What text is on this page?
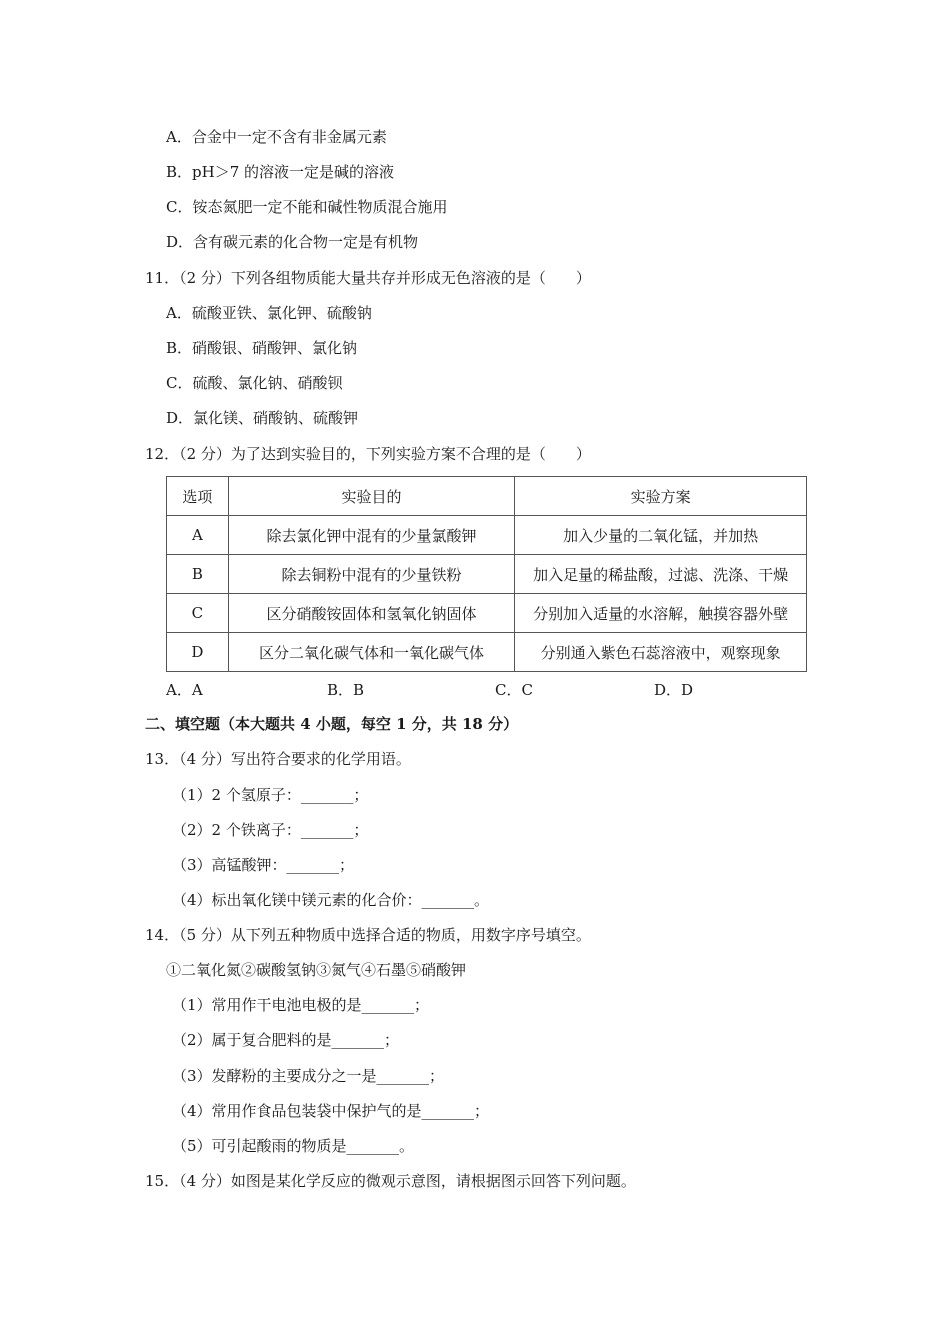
A．合金中一定不含有非金属元素
B．pH＞7 的溶液一定是碱的溶液
C．铵态氮肥一定不能和碱性物质混合施用
D．含有碳元素的化合物一定是有机物
11．（2 分）下列各组物质能大量共存并形成无色溶液的是（　　）
A．硫酸亚铁、氯化钾、硫酸钠
B．硝酸银、硝酸钾、氯化钠
C．硫酸、氯化钠、硝酸钡
D．氯化镁、硝酸钠、硫酸钾
12．（2 分）为了达到实验目的，下列实验方案不合理的是（　　）
选项	实验目的	实验方案
A	除去氯化钾中混有的少量氯酸钾	加入少量的二氧化锰，并加热
B	除去铜粉中混有的少量铁粉	加入足量的稀盐酸，过滤、洗涤、干燥
C	区分硝酸铵固体和氢氧化钠固体	分别加入适量的水溶解，触摸容器外壁
D	区分二氧化碳气体和一氧化碳气体	分别通入紫色石蕊溶液中，观察现象
A．A	B．B	C．C	D．D
二、填空题（本大题共 4 小题，每空 1 分，共 18 分）
13．（4 分）写出符合要求的化学用语。
（1）2 个氢原子：_______；
（2）2 个铁离子：_______；
（3）高锰酸钾：_______；
（4）标出氧化镁中镁元素的化合价：_______。
14．（5 分）从下列五种物质中选择合适的物质，用数字序号填空。
①二氧化氮②碳酸氢钠③氮气④石墨⑤硝酸钾
（1）常用作干电池电极的是_______；
（2）属于复合肥料的是_______；
（3）发酵粉的主要成分之一是_______；
（4）常用作食品包装袋中保护气的是_______；
（5）可引起酸雨的物质是_______。
15．（4 分）如图是某化学反应的微观示意图，请根据图示回答下列问题。
